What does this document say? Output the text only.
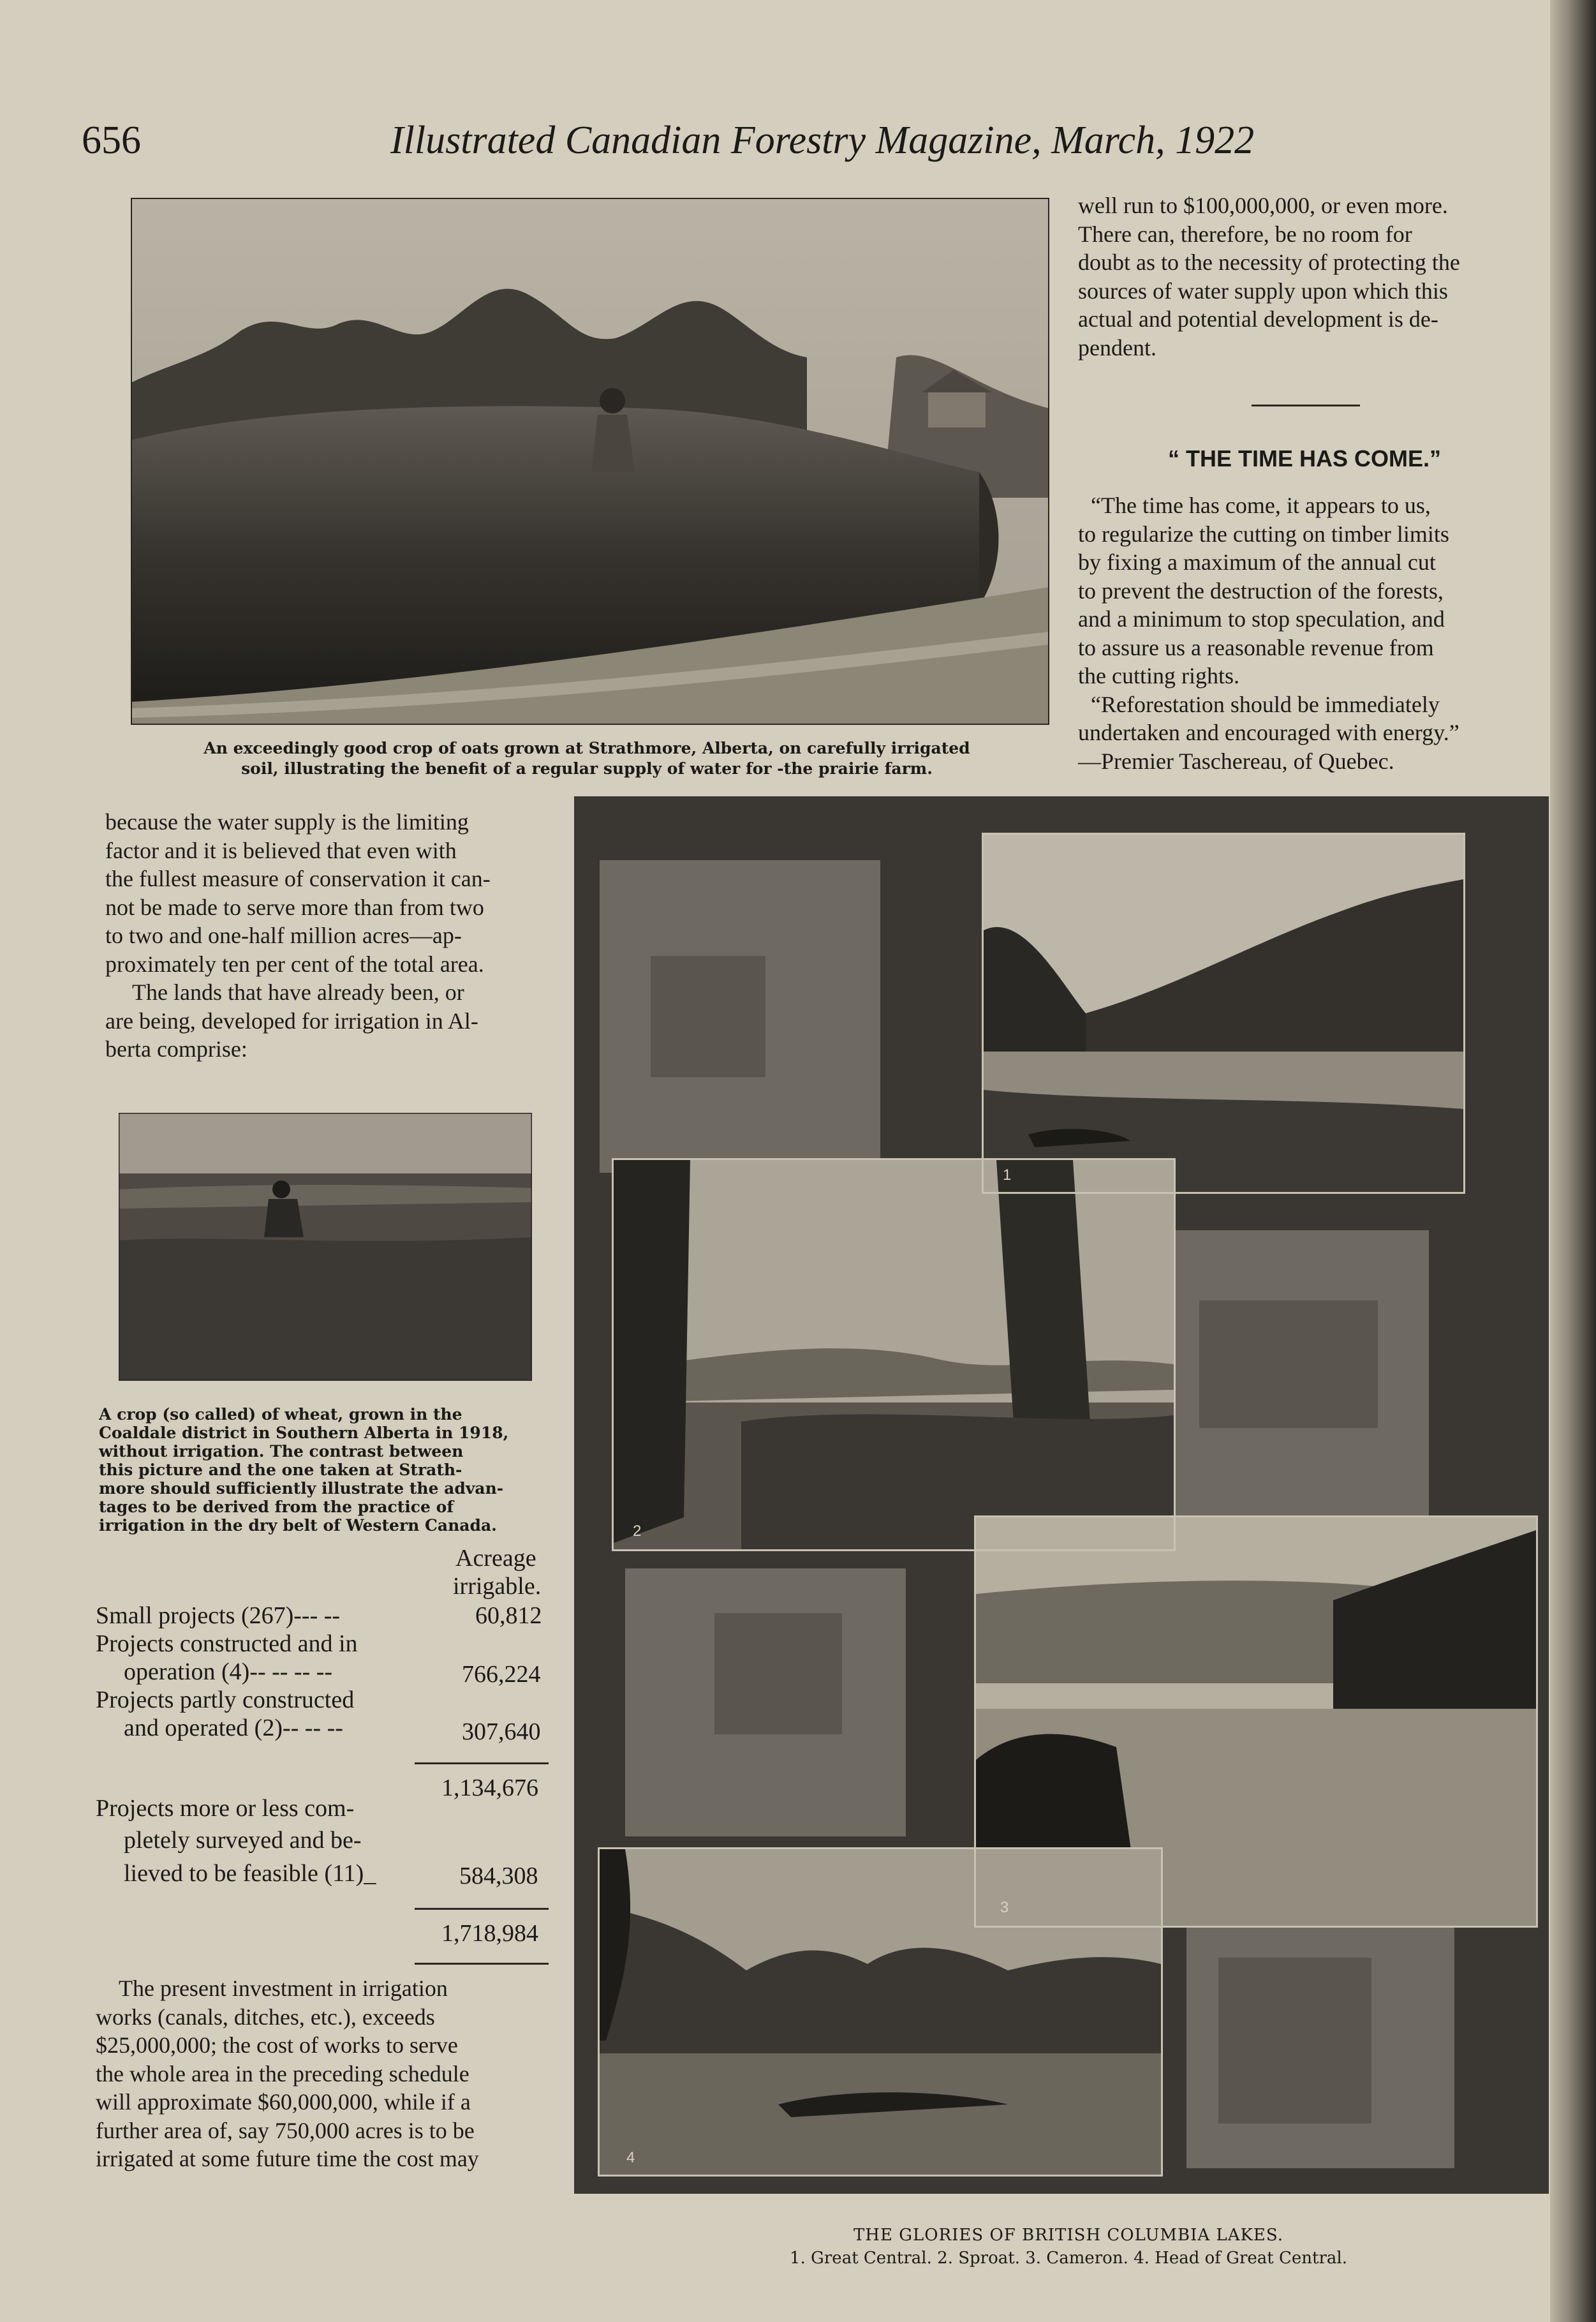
656	Illustrated Canadian Forestry Magazine, March, 1922
An exceedingly good crop of oats grown at Strathmore, Alberta, on carefully irrigated
soil, illustrating the benefit of a regular supply of water for -the prairie farm.

well run to $100,000,000, or even more.

There can, therefore, be no room for

doubt as to the necessity of protecting the

sources of water supply upon which this

actual and potential development is de-

pendent.

“ THE TIME HAS COME.”

“The time has come, it appears to us,

to regularize the cutting on timber limits

by fixing a maximum of the annual cut

to prevent the destruction of the forests,

and a minimum to stop speculation, and

to assure us a reasonable revenue from

the cutting rights.

“Reforestation should be immediately

undertaken and encouraged with energy.”

—Premier Taschereau, of Quebec.

because the water supply is the limiting

factor and it is believed that even with

the fullest measure of conservation it can-

not be made to serve more than from two

to two and one-half million acres—ap-

proximately ten per cent of the total area.

The lands that have already been, or

are being, developed for irrigation in Al-

berta comprise:

A crop (so called) of wheat, grown in the
Coaldale district in Southern Alberta in 1918,
without irrigation. The contrast between
this picture and the one taken at Strath-
more should sufficiently illustrate the advan-
tages to be derived from the practice of
irrigation in the dry belt of Western Canada.
Acreage
irrigable.
Small projects (267)--- --	60,812
Projects constructed and in
operation (4)-- -- -- --	766,224
Projects partly constructed
and operated (2)-- -- --	307,640
1,134,676
Projects more or less com-
pletely surveyed and be-
lieved to be feasible (11)_	584,308
1,718,984

The present investment in irrigation

works (canals, ditches, etc.), exceeds

$25,000,000; the cost of works to serve

the whole area in the preceding schedule

will approximate $60,000,000, while if a

further area of, say 750,000 acres is to be

irrigated at some future time the cost may

1
2
3
4
THE GLORIES OF BRITISH COLUMBIA LAKES.
1. Great Central. 2. Sproat. 3. Cameron. 4. Head of Great Central.
